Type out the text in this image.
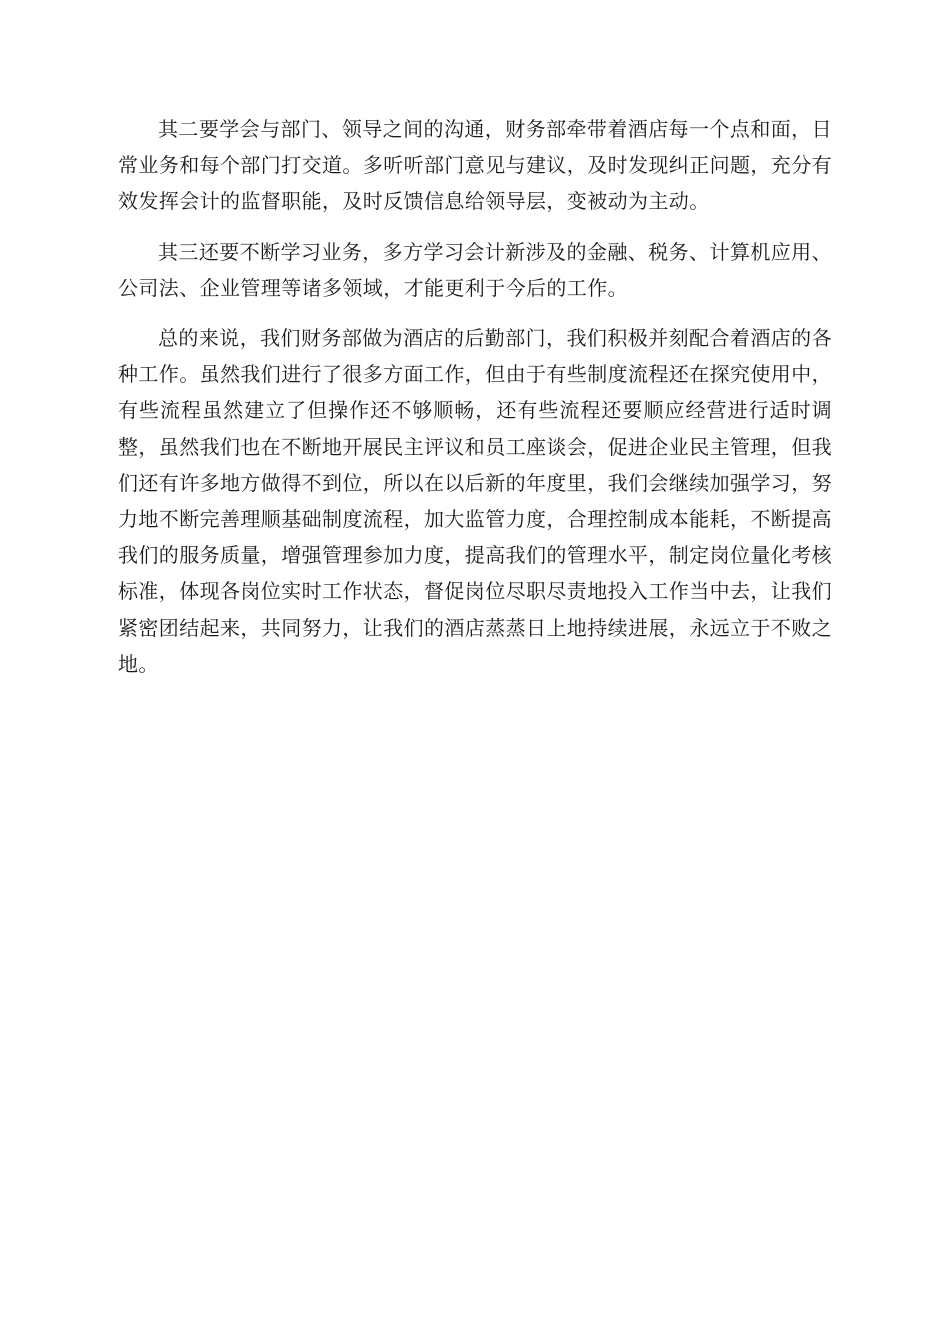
其二要学会与部门、领导之间的沟通，财务部牵带着酒店每一个点和面，日常业务和每个部门打交道。多听听部门意见与建议，及时发现纠正问题，充分有效发挥会计的监督职能，及时反馈信息给领导层，变被动为主动。

其三还要不断学习业务，多方学习会计新涉及的金融、税务、计算机应用、公司法、企业管理等诸多领域，才能更利于今后的工作。

总的来说，我们财务部做为酒店的后勤部门，我们积极并刻配合着酒店的各种工作。虽然我们进行了很多方面工作，但由于有些制度流程还在探究使用中，有些流程虽然建立了但操作还不够顺畅，还有些流程还要顺应经营进行适时调整，虽然我们也在不断地开展民主评议和员工座谈会，促进企业民主管理，但我们还有许多地方做得不到位，所以在以后新的年度里，我们会继续加强学习，努力地不断完善理顺基础制度流程，加大监管力度，合理控制成本能耗，不断提高我们的服务质量，增强管理参加力度，提高我们的管理水平，制定岗位量化考核标准，体现各岗位实时工作状态，督促岗位尽职尽责地投入工作当中去，让我们紧密团结起来，共同努力，让我们的酒店蒸蒸日上地持续进展，永远立于不败之地。
